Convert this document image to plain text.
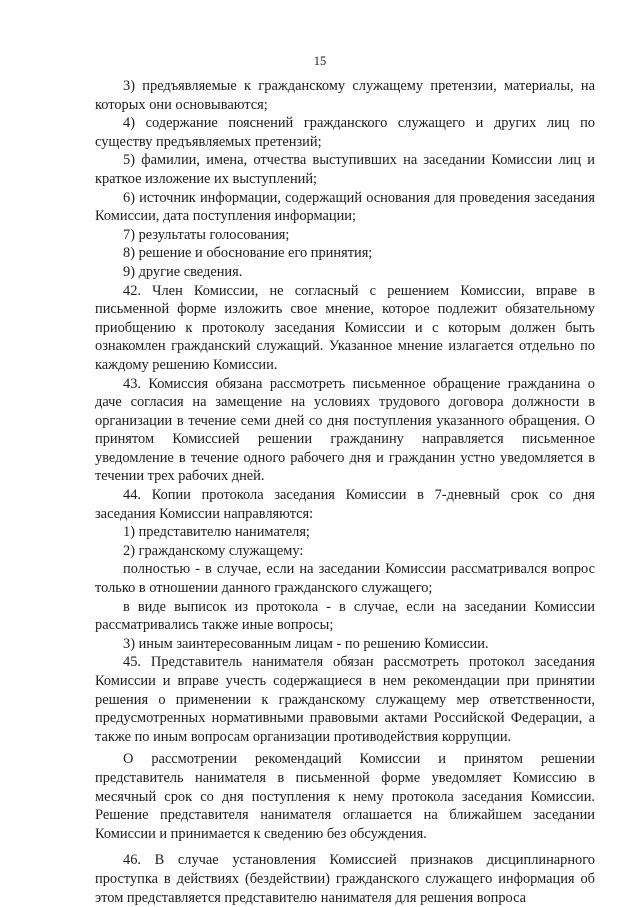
15

3) предъявляемые к гражданскому служащему претензии, материалы, на которых они основываются;

4) содержание пояснений гражданского служащего и других лиц по существу предъявляемых претензий;

5) фамилии, имена, отчества выступивших на заседании Комиссии лиц и краткое изложение их выступлений;

6) источник информации, содержащий основания для проведения заседания Комиссии, дата поступления информации;

7) результаты голосования;

8) решение и обоснование его принятия;

9) другие сведения.

42. Член Комиссии, не согласный с решением Комиссии, вправе в письменной форме изложить свое мнение, которое подлежит обязательному приобщению к протоколу заседания Комиссии и с которым должен быть ознакомлен гражданский служащий. Указанное мнение излагается отдельно по каждому решению Комиссии.

43. Комиссия обязана рассмотреть письменное обращение гражданина о даче согласия на замещение на условиях трудового договора должности в организации в течение семи дней со дня поступления указанного обращения. О принятом Комиссией решении гражданину направляется письменное уведомление в течение одного рабочего дня и гражданин устно уведомляется в течении трех рабочих дней.

44. Копии протокола заседания Комиссии в 7-дневный срок со дня заседания Комиссии направляются:

1) представителю нанимателя;

2) гражданскому служащему:

полностью - в случае, если на заседании Комиссии рассматривался вопрос только в отношении данного гражданского служащего;

в виде выписок из протокола - в случае, если на заседании Комиссии рассматривались также иные вопросы;

3) иным заинтересованным лицам - по решению Комиссии.

45. Представитель нанимателя обязан рассмотреть протокол заседания Комиссии и вправе учесть содержащиеся в нем рекомендации при принятии решения о применении к гражданскому служащему мер ответственности, предусмотренных нормативными правовыми актами Российской Федерации, а также по иным вопросам организации противодействия коррупции.

О рассмотрении рекомендаций Комиссии и принятом решении представитель нанимателя в письменной форме уведомляет Комиссию в месячный срок со дня поступления к нему протокола заседания Комиссии. Решение представителя нанимателя оглашается на ближайшем заседании Комиссии и принимается к сведению без обсуждения.

46. В случае установления Комиссией признаков дисциплинарного проступка в действиях (бездействии) гражданского служащего информация об этом представляется представителю нанимателя для решения вопроса
